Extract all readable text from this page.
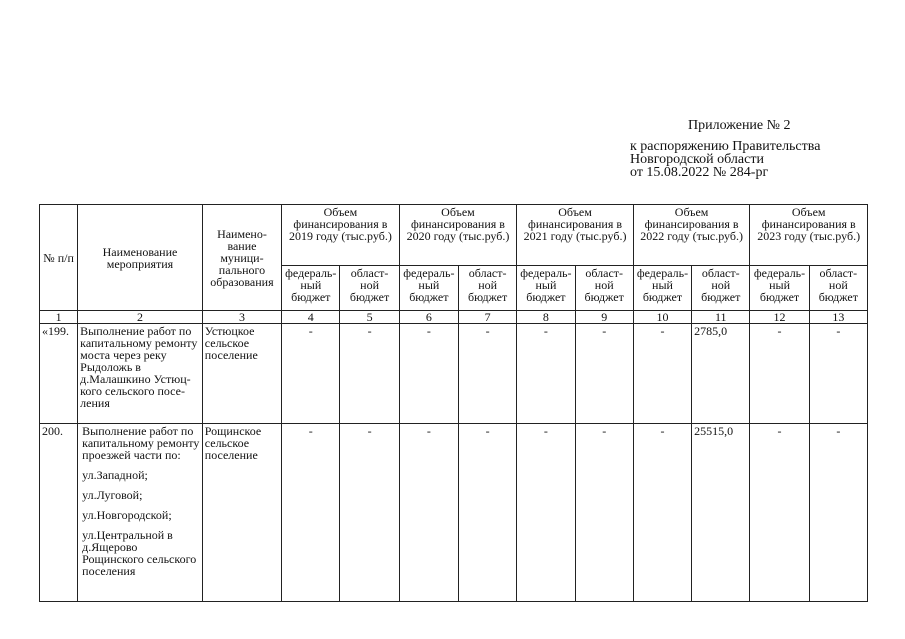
Приложение № 2
к распоряжению Правительства
Новгородской области
от 15.08.2022 № 284-рг
№ п/п	Наименование мероприятия	Наимено-вание муници-пального образования	Объем финансирования в 2019 году (тыс.руб.)		Объем финансирования в 2020 году (тыс.руб.)		Объем финансирования в 2021 году (тыс.руб.)		Объем финансирования в 2022 году (тыс.руб.)		Объем финансирования в 2023 году (тыс.руб.)	
			федераль-ный бюджет	област-ной бюджет	федераль-ный бюджет	област-ной бюджет	федераль-ный бюджет	област-ной бюджет	федераль-ный бюджет	област-ной бюджет	федераль-ный бюджет	област-ной бюджет
1	2	3	4	5	6	7	8	9	10	11	12	13
«199.	Выполнение работ по капитальному ремонту моста через реку Рыдоложь в д.Малашкино Устюц-кого сельского посе-ления	Устюцкое сельское поселение	-	-	-	-	-	-	-	2785,0	-	-
200.	Выполнение работ по капитальному ремонту проезжей части по:
ул.Западной;
ул.Луговой;
ул.Новгородской;
ул.Центральной в д.Ящерово Рощинского сельского поселения	Рощинское сельское поселение	-	-	-	-	-	-	-	25515,0	-	-
